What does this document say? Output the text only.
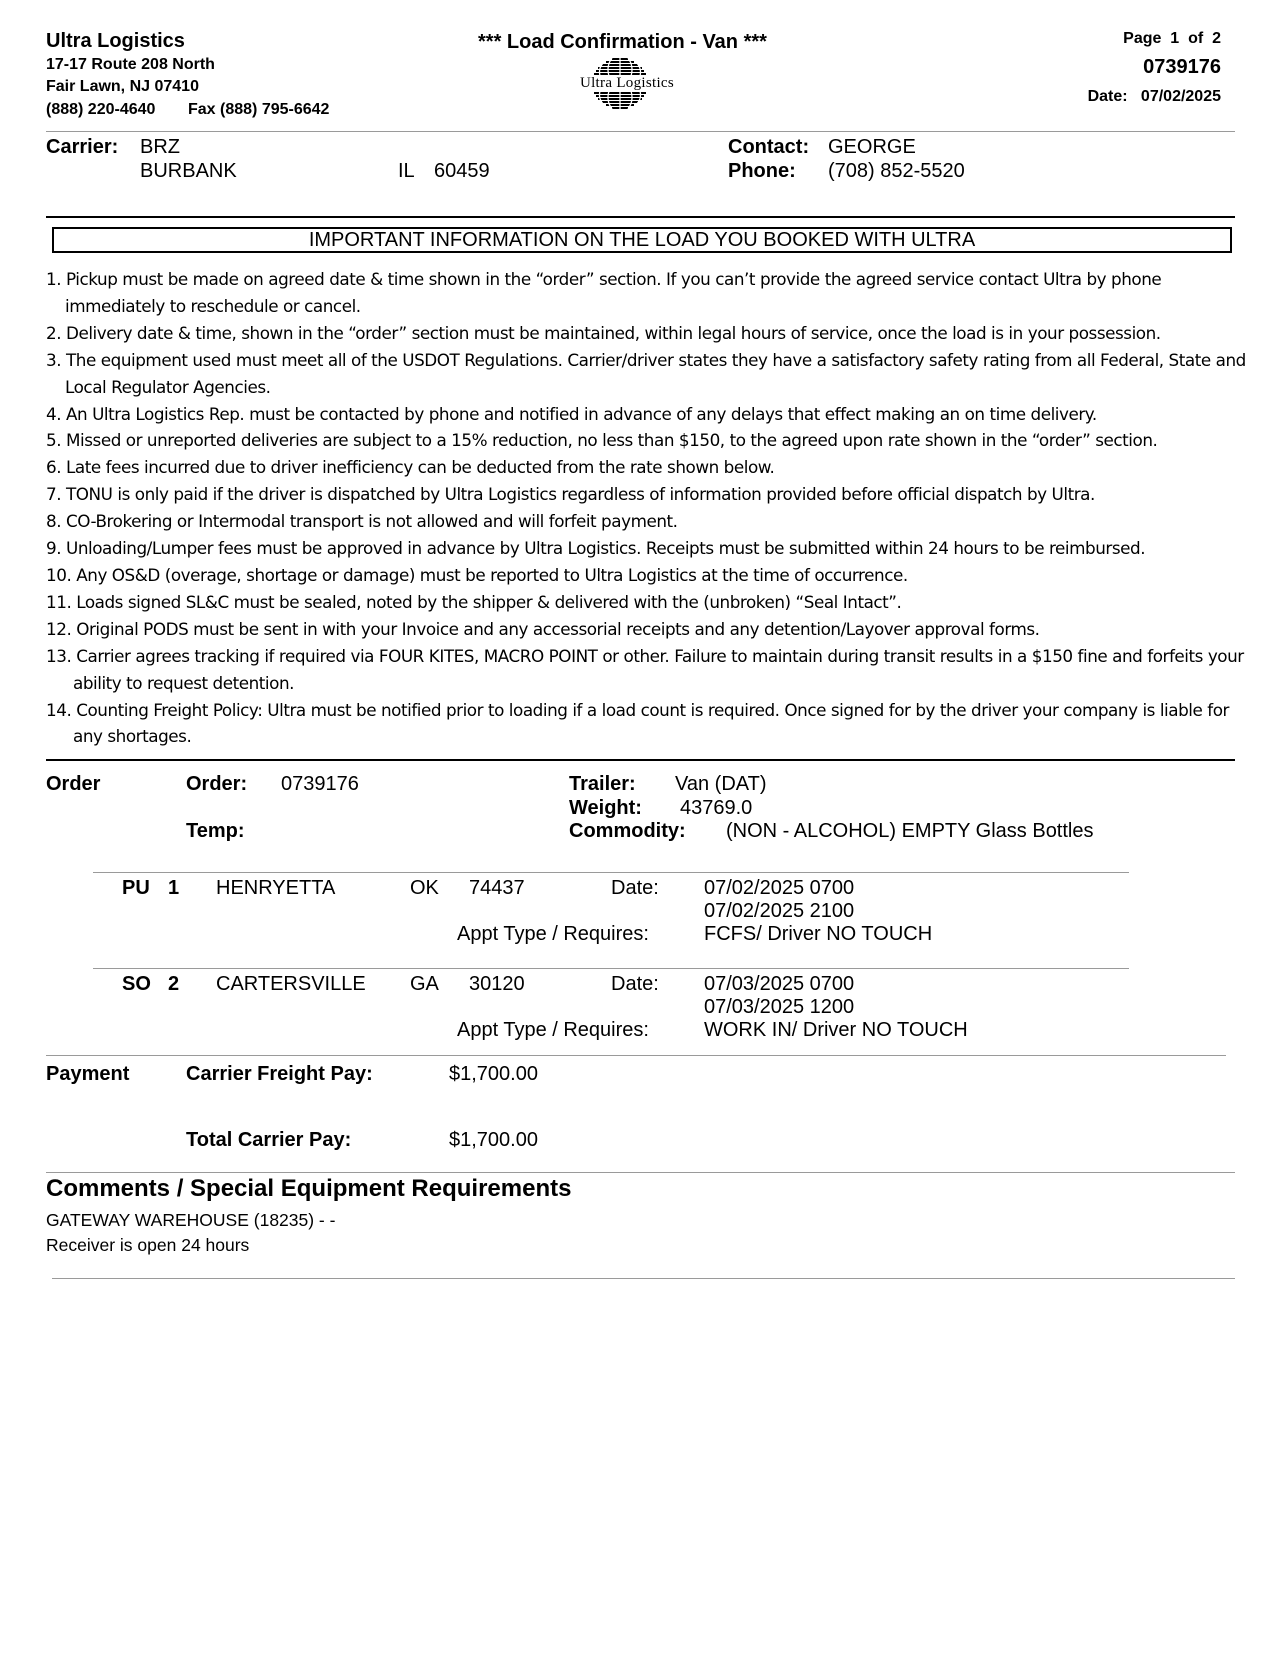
Ultra Logistics
17-17 Route 208 North
Fair Lawn, NJ 07410
(888) 220-4640 Fax (888) 795-6642
*** Load Confirmation - Van ***
Ultra Logistics
Page 1 of 2
0739176
Date: 07/02/2025
Carrier: BRZ
BURBANK	IL 60459
Contact: GEORGE
Phone: (708) 852-5520
IMPORTANT INFORMATION ON THE LOAD YOU BOOKED WITH ULTRA
1. Pickup must be made on agreed date & time shown in the “order” section. If you can’t provide the agreed service contact Ultra by phone immediately to reschedule or cancel.
2. Delivery date & time, shown in the “order” section must be maintained, within legal hours of service, once the load is in your possession.
3. The equipment used must meet all of the USDOT Regulations. Carrier/driver states they have a satisfactory safety rating from all Federal, State and Local Regulator Agencies.
4. An Ultra Logistics Rep. must be contacted by phone and notified in advance of any delays that effect making an on time delivery.
5. Missed or unreported deliveries are subject to a 15% reduction, no less than $150, to the agreed upon rate shown in the “order” section.
6. Late fees incurred due to driver inefficiency can be deducted from the rate shown below.
7. TONU is only paid if the driver is dispatched by Ultra Logistics regardless of information provided before official dispatch by Ultra.
8. CO-Brokering or Intermodal transport is not allowed and will forfeit payment.
9. Unloading/Lumper fees must be approved in advance by Ultra Logistics. Receipts must be submitted within 24 hours to be reimbursed.
10. Any OS&D (overage, shortage or damage) must be reported to Ultra Logistics at the time of occurrence.
11. Loads signed SL&C must be sealed, noted by the shipper & delivered with the (unbroken) “Seal Intact”.
12. Original PODS must be sent in with your Invoice and any accessorial receipts and any detention/Layover approval forms.
13. Carrier agrees tracking if required via FOUR KITES, MACRO POINT or other. Failure to maintain during transit results in a $150 fine and forfeits your ability to request detention.
14. Counting Freight Policy: Ultra must be notified prior to loading if a load count is required. Once signed for by the driver your company is liable for any shortages.
Order	Order: 0739176
Temp:
Trailer: Van (DAT)
Weight: 43769.0
Commodity: (NON - ALCOHOL) EMPTY Glass Bottles
PU 1 HENRYETTA	OK 74437	Date: 07/02/2025 0700
07/02/2025 2100
Appt Type / Requires:	FCFS/ Driver NO TOUCH
SO 2 CARTERSVILLE GA 30120	Date: 07/03/2025 0700
07/03/2025 1200
Appt Type / Requires:	WORK IN/ Driver NO TOUCH
Payment	Carrier Freight Pay:	$1,700.00
Total Carrier Pay:	$1,700.00
Comments / Special Equipment Requirements
GATEWAY WAREHOUSE (18235) - -
Receiver is open 24 hours
